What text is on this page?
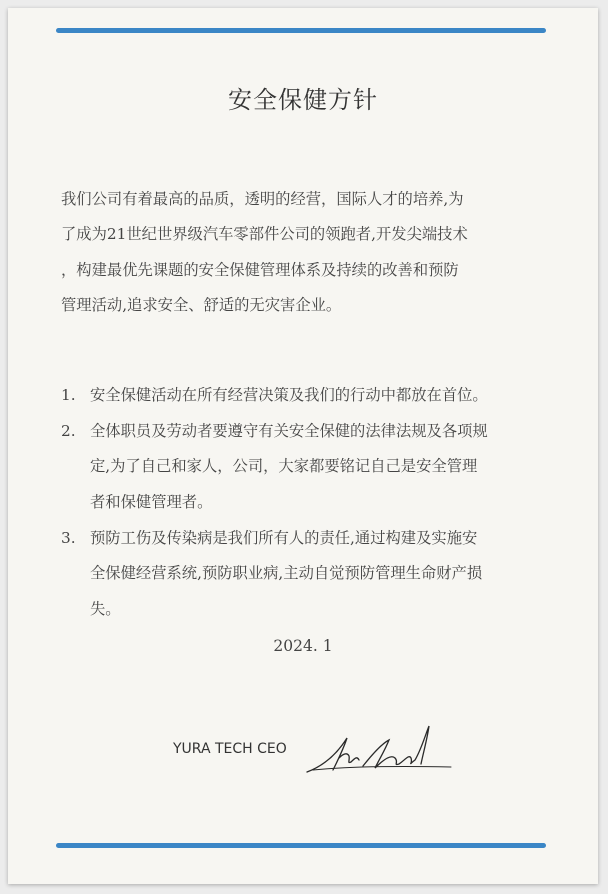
安全保健方针
我们公司有着最高的品质，透明的经营，国际人才的培养,为
了成为21世纪世界级汽车零部件公司的领跑者,开发尖端技术
，构建最优先课题的安全保健管理体系及持续的改善和预防
管理活动,追求安全、舒适的无灾害企业。
1. 安全保健活动在所有经营决策及我们的行动中都放在首位。
2. 全体职员及劳动者要遵守有关安全保健的法律法规及各项规
定,为了自己和家人，公司，大家都要铭记自己是安全管理
者和保健管理者。
3. 预防工伤及传染病是我们所有人的责任,通过构建及实施安
全保健经营系统,预防职业病,主动自觉预防管理生命财产损
失。
2024. 1
YURA TECH CEO
